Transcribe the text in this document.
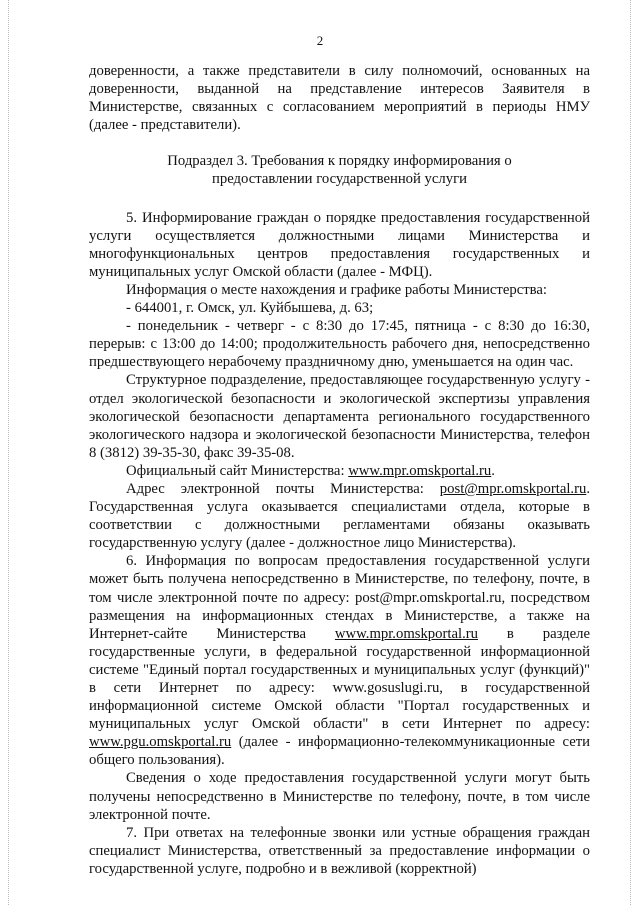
2

доверенности, а также представители в силу полномочий, основанных на доверенности, выданной на представление интересов Заявителя в Министерстве, связанных с согласованием мероприятий в периоды НМУ (далее - представители).

Подраздел 3. Требования к порядку информирования о предоставлении государственной услуги

5. Информирование граждан о порядке предоставления государственной услуги осуществляется должностными лицами Министерства и многофункциональных центров предоставления государственных и муниципальных услуг Омской области (далее - МФЦ).

Информация о месте нахождения и графике работы Министерства:

- 644001, г. Омск, ул. Куйбышева, д. 63;

- понедельник - четверг - с 8:30 до 17:45, пятница - с 8:30 до 16:30, перерыв: с 13:00 до 14:00; продолжительность рабочего дня, непосредственно предшествующего нерабочему праздничному дню, уменьшается на один час.

Структурное подразделение, предоставляющее государственную услугу - отдел экологической безопасности и экологической экспертизы управления экологической безопасности департамента регионального государственного экологического надзора и экологической безопасности Министерства, телефон 8 (3812) 39-35-30, факс 39-35-08.

Официальный сайт Министерства: www.mpr.omskportal.ru.

Адрес электронной почты Министерства: post@mpr.omskportal.ru. Государственная услуга оказывается специалистами отдела, которые в соответствии с должностными регламентами обязаны оказывать государственную услугу (далее - должностное лицо Министерства).

6. Информация по вопросам предоставления государственной услуги может быть получена непосредственно в Министерстве, по телефону, почте, в том числе электронной почте по адресу: post@mpr.omskportal.ru, посредством размещения на информационных стендах в Министерстве, а также на Интернет-сайте Министерства www.mpr.omskportal.ru в разделе государственные услуги, в федеральной государственной информационной системе "Единый портал государственных и муниципальных услуг (функций)" в сети Интернет по адресу: www.gosuslugi.ru, в государственной информационной системе Омской области "Портал государственных и муниципальных услуг Омской области" в сети Интернет по адресу: www.pgu.omskportal.ru (далее - информационно-телекоммуникационные сети общего пользования).

Сведения о ходе предоставления государственной услуги могут быть получены непосредственно в Министерстве по телефону, почте, в том числе электронной почте.

7. При ответах на телефонные звонки или устные обращения граждан специалист Министерства, ответственный за предоставление информации о государственной услуге, подробно и в вежливой (корректной)
